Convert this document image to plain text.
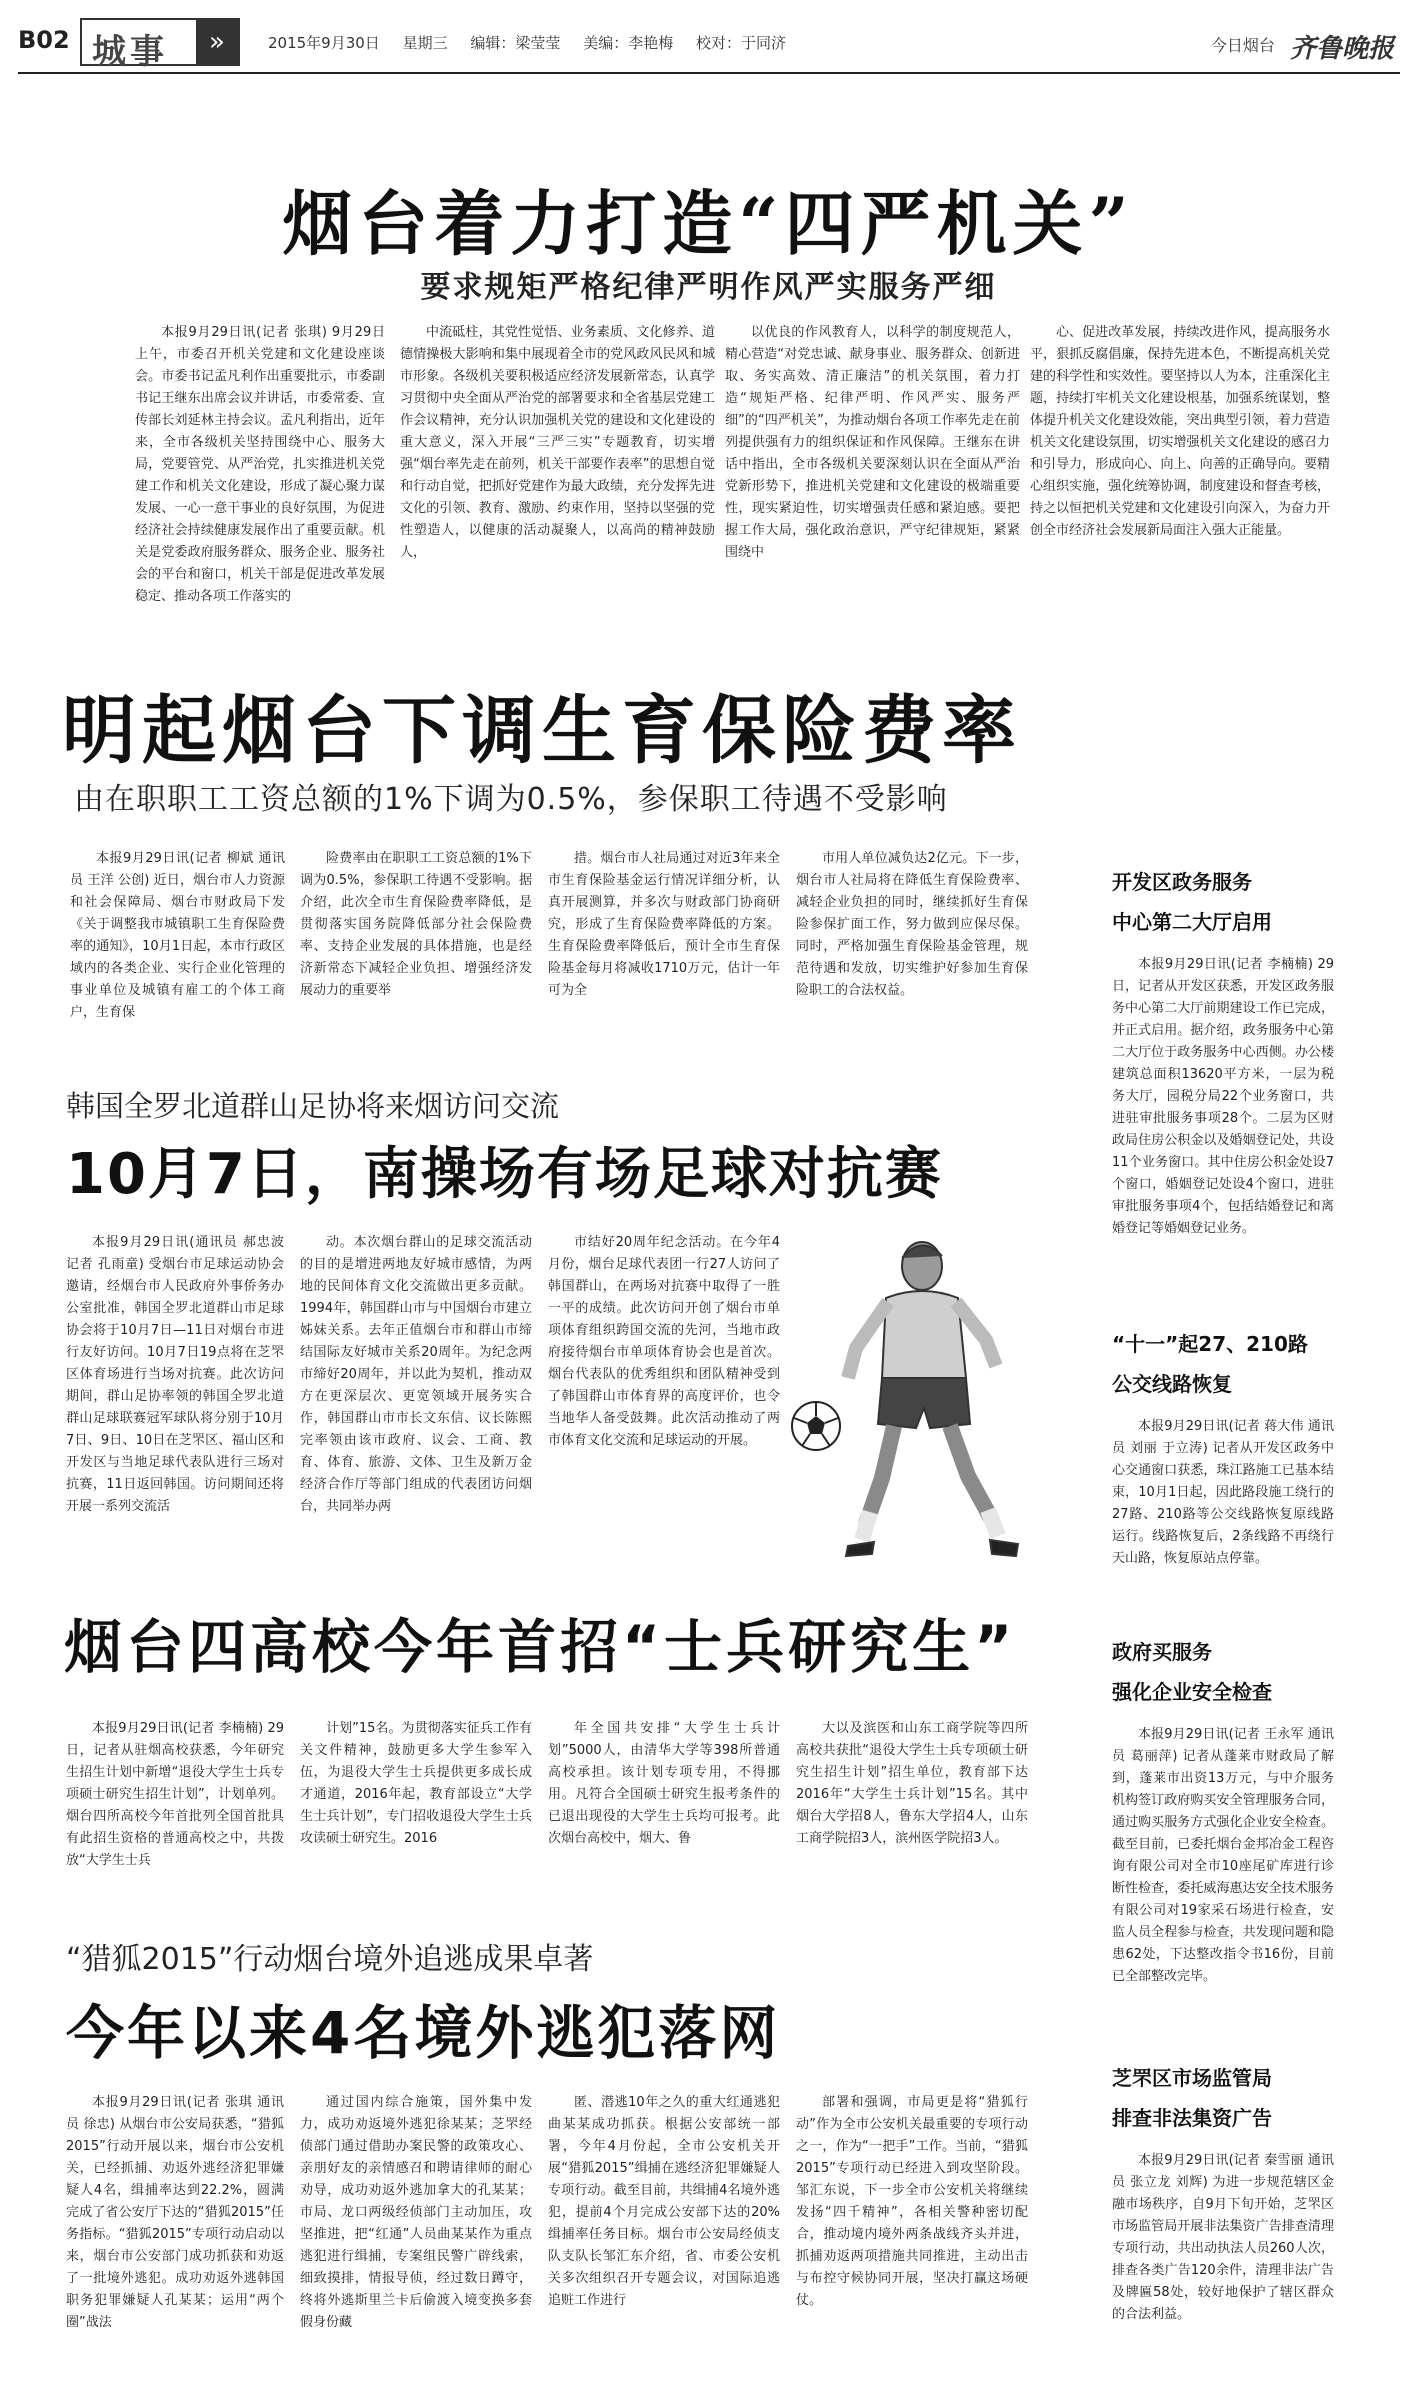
B02 城事	»	2015年9月30日 星期三 编辑：梁莹莹 美编：李艳梅 校对：于同济	今日烟台 齐鲁晚报
烟台着力打造“四严机关”
要求规矩严格纪律严明作风严实服务严细

本报9月29日讯(记者 张琪) 9月29日上午，市委召开机关党建和文化建设座谈会。市委书记孟凡利作出重要批示，市委副书记王继东出席会议并讲话，市委常委、宣传部长刘延林主持会议。孟凡利指出，近年来，全市各级机关坚持围绕中心、服务大局，党要管党、从严治党，扎实推进机关党建工作和机关文化建设，形成了凝心聚力谋发展、一心一意干事业的良好氛围，为促进经济社会持续健康发展作出了重要贡献。机关是党委政府服务群众、服务企业、服务社会的平台和窗口，机关干部是促进改革发展稳定、推动各项工作落实的

中流砥柱，其党性觉悟、业务素质、文化修养、道德情操极大影响和集中展现着全市的党风政风民风和城市形象。各级机关要积极适应经济发展新常态，认真学习贯彻中央全面从严治党的部署要求和全省基层党建工作会议精神，充分认识加强机关党的建设和文化建设的重大意义，深入开展“三严三实”专题教育，切实增强“烟台率先走在前列，机关干部要作表率”的思想自觉和行动自觉，把抓好党建作为最大政绩，充分发挥先进文化的引领、教育、激励、约束作用，坚持以坚强的党性塑造人，以健康的活动凝聚人，以高尚的精神鼓励人，

以优良的作风教育人，以科学的制度规范人，精心营造“对党忠诚、献身事业、服务群众、创新进取、务实高效、清正廉洁”的机关氛围，着力打造“规矩严格、纪律严明、作风严实、服务严细”的“四严机关”，为推动烟台各项工作率先走在前列提供强有力的组织保证和作风保障。王继东在讲话中指出，全市各级机关要深刻认识在全面从严治党新形势下，推进机关党建和文化建设的极端重要性，现实紧迫性，切实增强责任感和紧迫感。要把握工作大局，强化政治意识，严守纪律规矩，紧紧围绕中

心、促进改革发展，持续改进作风，提高服务水平，狠抓反腐倡廉，保持先进本色，不断提高机关党建的科学性和实效性。要坚持以人为本，注重深化主题，持续打牢机关文化建设根基，加强系统谋划，整体提升机关文化建设效能，突出典型引领，着力营造机关文化建设氛围，切实增强机关文化建设的感召力和引导力，形成向心、向上、向善的正确导向。要精心组织实施，强化统筹协调，制度建设和督查考核，持之以恒把机关党建和文化建设引向深入，为奋力开创全市经济社会发展新局面注入强大正能量。

明起烟台下调生育保险费率
由在职职工工资总额的1%下调为0.5%，参保职工待遇不受影响

本报9月29日讯(记者 柳斌 通讯员 王洋 公创) 近日，烟台市人力资源和社会保障局、烟台市财政局下发《关于调整我市城镇职工生育保险费率的通知》，10月1日起，本市行政区域内的各类企业、实行企业化管理的事业单位及城镇有雇工的个体工商户，生育保

险费率由在职职工工资总额的1%下调为0.5%，参保职工待遇不受影响。据介绍，此次全市生育保险费率降低，是贯彻落实国务院降低部分社会保险费率、支持企业发展的具体措施，也是经济新常态下减轻企业负担、增强经济发展动力的重要举

措。烟台市人社局通过对近3年来全市生育保险基金运行情况详细分析，认真开展测算，并多次与财政部门协商研究，形成了生育保险费率降低的方案。生育保险费率降低后，预计全市生育保险基金每月将减收1710万元，估计一年可为全

市用人单位减负达2亿元。下一步，烟台市人社局将在降低生育保险费率、减轻企业负担的同时，继续抓好生育保险参保扩面工作，努力做到应保尽保。同时，严格加强生育保险基金管理，规范待遇和发放，切实维护好参加生育保险职工的合法权益。

韩国全罗北道群山足协将来烟访问交流
10月7日，南操场有场足球对抗赛

本报9月29日讯(通讯员 郝忠波 记者 孔雨童) 受烟台市足球运动协会邀请，经烟台市人民政府外事侨务办公室批准，韩国全罗北道群山市足球协会将于10月7日—11日对烟台市进行友好访问。10月7日19点将在芝罘区体育场进行当场对抗赛。此次访问期间，群山足协率领的韩国全罗北道群山足球联赛冠军球队将分别于10月7日、9日、10日在芝罘区、福山区和开发区与当地足球代表队进行三场对抗赛，11日返回韩国。访问期间还将开展一系列交流活

动。本次烟台群山的足球交流活动的目的是增进两地友好城市感情，为两地的民间体育文化交流做出更多贡献。1994年，韩国群山市与中国烟台市建立姊妹关系。去年正值烟台市和群山市缔结国际友好城市关系20周年。为纪念两市缔好20周年，并以此为契机，推动双方在更深层次、更宽领域开展务实合作，韩国群山市市长文东信、议长陈熙完率领由该市政府、议会、工商、教育、体育、旅游、文体、卫生及新万金经济合作厅等部门组成的代表团访问烟台，共同举办两

市结好20周年纪念活动。在今年4月份，烟台足球代表团一行27人访问了韩国群山，在两场对抗赛中取得了一胜一平的成绩。此次访问开创了烟台市单项体育组织跨国交流的先河，当地市政府接待烟台市单项体育协会也是首次。烟台代表队的优秀组织和团队精神受到了韩国群山市体育界的高度评价，也令当地华人备受鼓舞。此次活动推动了两市体育文化交流和足球运动的开展。

烟台四高校今年首招“士兵研究生”

本报9月29日讯(记者 李楠楠) 29日，记者从驻烟高校获悉，今年研究生招生计划中新增“退役大学生士兵专项硕士研究生招生计划”，计划单列。烟台四所高校今年首批列全国首批具有此招生资格的普通高校之中，共拨放“大学生士兵

计划”15名。为贯彻落实征兵工作有关文件精神，鼓励更多大学生参军入伍，为退役大学生士兵提供更多成长成才通道，2016年起，教育部设立“大学生士兵计划”，专门招收退役大学生士兵攻读硕士研究生。2016

年全国共安排“大学生士兵计划”5000人，由清华大学等398所普通高校承担。该计划专项专用，不得挪用。凡符合全国硕士研究生报考条件的已退出现役的大学生士兵均可报考。此次烟台高校中，烟大、鲁

大以及滨医和山东工商学院等四所高校共获批“退役大学生士兵专项硕士研究生招生计划”招生单位，教育部下达2016年“大学生士兵计划”15名。其中烟台大学招8人，鲁东大学招4人，山东工商学院招3人，滨州医学院招3人。

“猎狐2015”行动烟台境外追逃成果卓著
今年以来4名境外逃犯落网

本报9月29日讯(记者 张琪 通讯员 徐忠) 从烟台市公安局获悉，“猎狐2015”行动开展以来，烟台市公安机关，已经抓捕、劝返外逃经济犯罪嫌疑人4名，缉捕率达到22.2%，圆满完成了省公安厅下达的“猎狐2015”任务指标。“猎狐2015”专项行动启动以来，烟台市公安部门成功抓获和劝返了一批境外逃犯。成功劝返外逃韩国职务犯罪嫌疑人孔某某；运用“两个圈”战法

通过国内综合施策，国外集中发力，成功劝返境外逃犯徐某某；芝罘经侦部门通过借助办案民警的政策攻心、亲朋好友的亲情感召和聘请律师的耐心劝导，成功劝返外逃加拿大的孔某某；市局、龙口两级经侦部门主动加压，攻坚推进，把“红通”人员曲某某作为重点逃犯进行缉捕，专案组民警广辟线索，细致摸排，情报导侦，经过数日蹲守，终将外逃斯里兰卡后偷渡入境变换多套假身份藏

匿、潜逃10年之久的重大红通逃犯曲某某成功抓获。根据公安部统一部署，今年4月份起，全市公安机关开展“猎狐2015”缉捕在逃经济犯罪嫌疑人专项行动。截至目前，共缉捕4名境外逃犯，提前4个月完成公安部下达的20%缉捕率任务目标。烟台市公安局经侦支队支队长邹汇东介绍，省、市委公安机关多次组织召开专题会议，对国际追逃追赃工作进行

部署和强调，市局更是将“猎狐行动”作为全市公安机关最重要的专项行动之一，作为“一把手”工作。当前，“猎狐2015”专项行动已经进入到攻坚阶段。邹汇东说，下一步全市公安机关将继续发扬“四千精神”，各相关警种密切配合，推动境内境外两条战线齐头并进，抓捕劝返两项措施共同推进，主动出击与布控守候协同开展，坚决打赢这场硬仗。

开发区政务服务
中心第二大厅启用

本报9月29日讯(记者 李楠楠) 29日，记者从开发区获悉，开发区政务服务中心第二大厅前期建设工作已完成，并正式启用。据介绍，政务服务中心第二大厅位于政务服务中心西侧。办公楼建筑总面积13620平方米，一层为税务大厅，园税分局22个业务窗口，共进驻审批服务事项28个。二层为区财政局住房公积金以及婚姻登记处，共设11个业务窗口。其中住房公积金处设7个窗口，婚姻登记处设4个窗口，进驻审批服务事项4个，包括结婚登记和离婚登记等婚姻登记业务。

“十一”起27、210路
公交线路恢复

本报9月29日讯(记者 蒋大伟 通讯员 刘丽 于立涛) 记者从开发区政务中心交通窗口获悉，珠江路施工已基本结束，10月1日起，因此路段施工绕行的27路、210路等公交线路恢复原线路运行。线路恢复后，2条线路不再绕行天山路，恢复原站点停靠。

政府买服务
强化企业安全检查

本报9月29日讯(记者 王永军 通讯员 葛丽萍) 记者从蓬莱市财政局了解到，蓬莱市出资13万元，与中介服务机构签订政府购买安全管理服务合同，通过购买服务方式强化企业安全检查。截至目前，已委托烟台金邦冶金工程咨询有限公司对全市10座尾矿库进行诊断性检查，委托威海惠达安全技术服务有限公司对19家采石场进行检查，安监人员全程参与检查，共发现问题和隐患62处，下达整改指令书16份，目前已全部整改完毕。

芝罘区市场监管局
排查非法集资广告

本报9月29日讯(记者 秦雪丽 通讯员 张立龙 刘辉) 为进一步规范辖区金融市场秩序，自9月下旬开始，芝罘区市场监管局开展非法集资广告排查清理专项行动，共出动执法人员260人次，排查各类广告120余件，清理非法广告及牌匾58处，较好地保护了辖区群众的合法利益。
